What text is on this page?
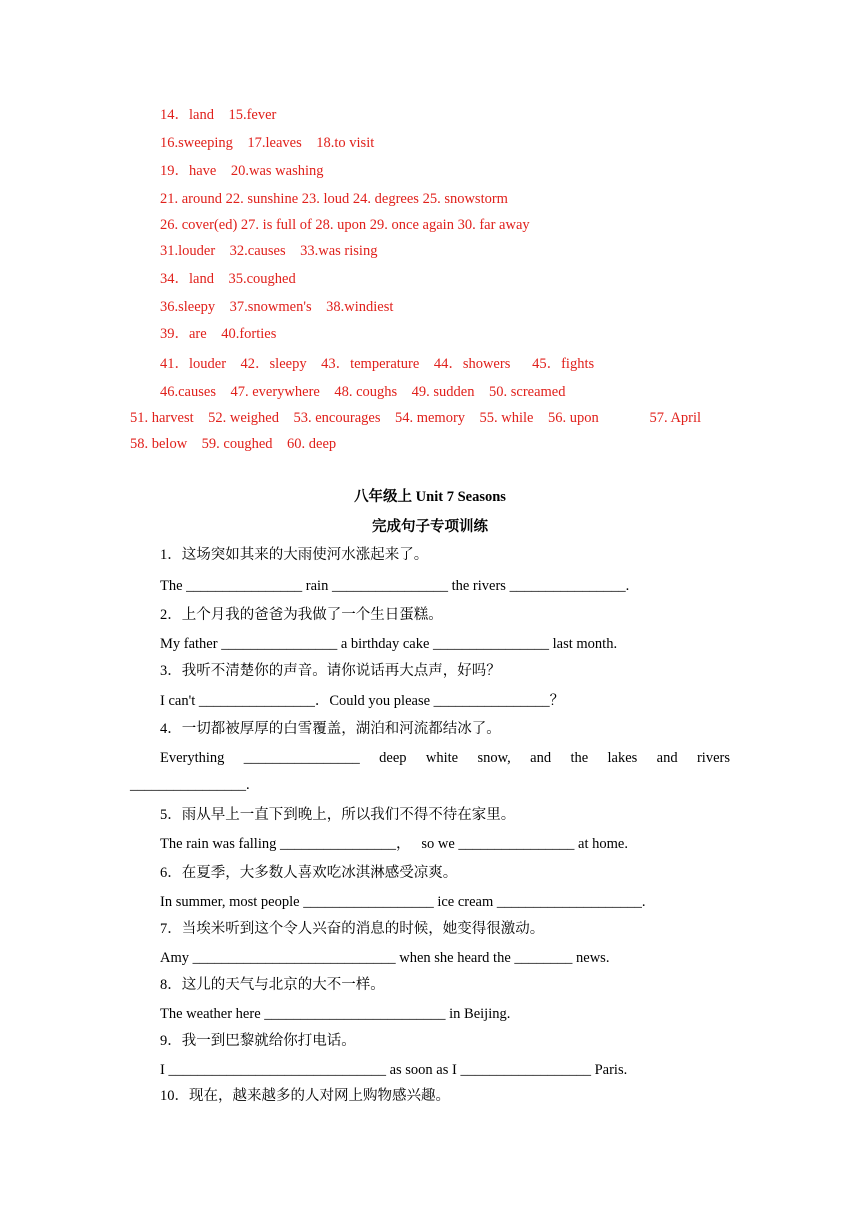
14．land    15.fever

16.sweeping    17.leaves    18.to visit

19．have    20.was washing

21. around 22. sunshine 23. loud 24. degrees 25. snowstorm

26. cover(ed) 27. is full of 28. upon 29. once again 30. far away

31.louder    32.causes    33.was rising

34．land    35.coughed

36.sleepy    37.snowmen's    38.windiest

39．are    40.forties

41．louder    42．sleepy    43．temperature    44．showers      45．fights

46.causes    47. everywhere    48. coughs    49. sudden    50. screamed

51. harvest    52. weighed    53. encourages    54. memory    55. while    56. upon              57. April

58. below    59. coughed    60. deep

八年级上 Unit 7 Seasons

完成句子专项训练

1．这场突如其来的大雨使河水涨起来了。

The ________________ rain ________________ the rivers ________________.

2．上个月我的爸爸为我做了一个生日蛋糕。

My father ________________ a birthday cake ________________ last month.

3．我听不清楚你的声音。请你说话再大点声，好吗？

I can't ________________．Could you please ________________？

4．一切都被厚厚的白雪覆盖，湖泊和河流都结冰了。

Everything ________________ deep white snow, and the lakes and rivers

________________.

5．雨从早上一直下到晚上，所以我们不得不待在家里。

The rain was falling ________________，   so we ________________ at home.

6．在夏季，大多数人喜欢吃冰淇淋感受凉爽。

In summer, most people __________________ ice cream ____________________.

7．当埃米听到这个令人兴奋的消息的时候，她变得很激动。

Amy ____________________________ when she heard the ________ news.

8．这儿的天气与北京的大不一样。

The weather here _________________________ in Beijing.

9．我一到巴黎就给你打电话。

I ______________________________ as soon as I __________________ Paris.

10．现在，越来越多的人对网上购物感兴趣。
